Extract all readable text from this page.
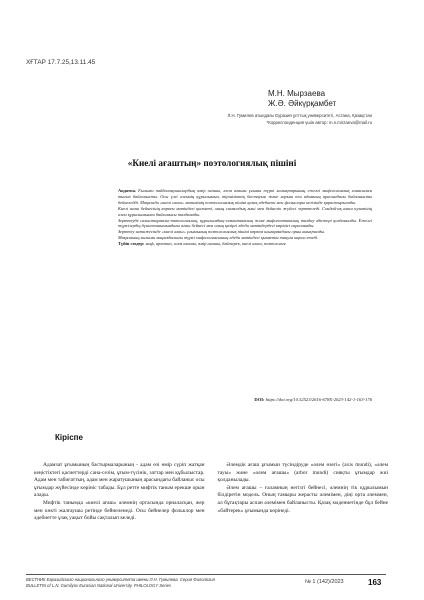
ХҒТАР 17.7.25,13.11.45
М.Н. Мырзаева
Ж.Ә. Әйкүрқамбет
Л.Н. Гумилев атындағы Еуразия ұлттық университеті, Астана, Қазақстан
*Корреспонденция үшін автор: m.n.mirzaeva@mail.ru
«Киелі ағаштың» поэтологиялық пішіні

Аңдатпа. Ғылыми пайдаланушылардың өмір ағашы, әлем ағашы ұғымы түркі халықтарының ежелгі мифологиялық санасымен тығыз байланысты. Осы үлгі әлемнің құрылымын, тіршіліктің бастауын және ғарыш пен адамның арасындағы байланысты бейнелейді. Мақалада «киелі ағаш» мотивінің поэтологиялық пішіні қазақ әдебиеті мен фольклоры негізінде қарастырылады.

Киелі ағаш бейнесінің көркем мәтіндегі қызметі, оның символдық мәні мен бейнелік жүйесі зерттеледі. Сондай-ақ ағаш культінің әлем құрылымымен байланысы талданады.

Зерттеуде салыстырмалы-типологиялық, құрылымдық-семантикалық және мифопоэтикалық талдау әдістері қолданылды. Ежелгі түркілердің дүниетанымындағы ағаш бейнесі мен оның қазіргі әдеби мәтіндердегі көрінісі сараланады.

Зерттеу нәтижесінде «киелі ағаш» ұғымының поэтологиялық пішіні көркем шығармадағы орны анықталды.

Мақаланың ғылыми маңыздылығы түркі мифологиясының әдеби мәтіндегі қызметін тануға ықпал етеді.

Түйін сөздер: миф, архетип, әлем ағашы, өмір ағашы, бәйтерек, киелі ағаш, поэтология

DOI: https://doi.org/10.32523/2616-678X-2023-142-1-163-176
Кіріспе

Адамзат ұғымының бастырмаларының - адам өзі өмір сүріп жатқан кеңістіктегі қасиеттерді сана-сезім, ұғым-түсінік, заттар мен құбылыстар. Адам мен табиғаттың, адам мен жаратушының арасындағы байланыс осы ұғымдар жүйесінде көрініс табады. Бұл ретте мифтік таным ерекше орын алады.

Мифтік танымда «киелі ағаш» әлемнің ортасында орналасқан, жер мен көкті жалғаушы ретінде бейнеленеді. Осы бейнелер фольклор мен әдебиетте ұзақ уақыт бойы сақталып келеді.

Әлемдік ағаш ұғымын түсіндіруде «әлем өзегі» (axis mundi), «әлем тауы» және «әлем ағашы» (arbor mundi) сияқты ұғымдар жиі қолданылады.

Әлем ағашы – ғаламның негізгі бейнесі, әлемнің тік құрылымын білдіретін модель. Оның тамыры жерасты әлемімен, діңі орта әлеммен, ал бұтақтары аспан әлемімен байланысты. Қазақ мәдениетінде бұл бейне «бәйтерек» ұғымында көрінеді.

ВЕСТНИК Евразийского национального университета имени Л.Н. Гумилева. Серия Филология
BULLETIN of L.N. Gumilyov Eurasian National University. PHILOLOGY Series
№ 1 (142)/2023	163
